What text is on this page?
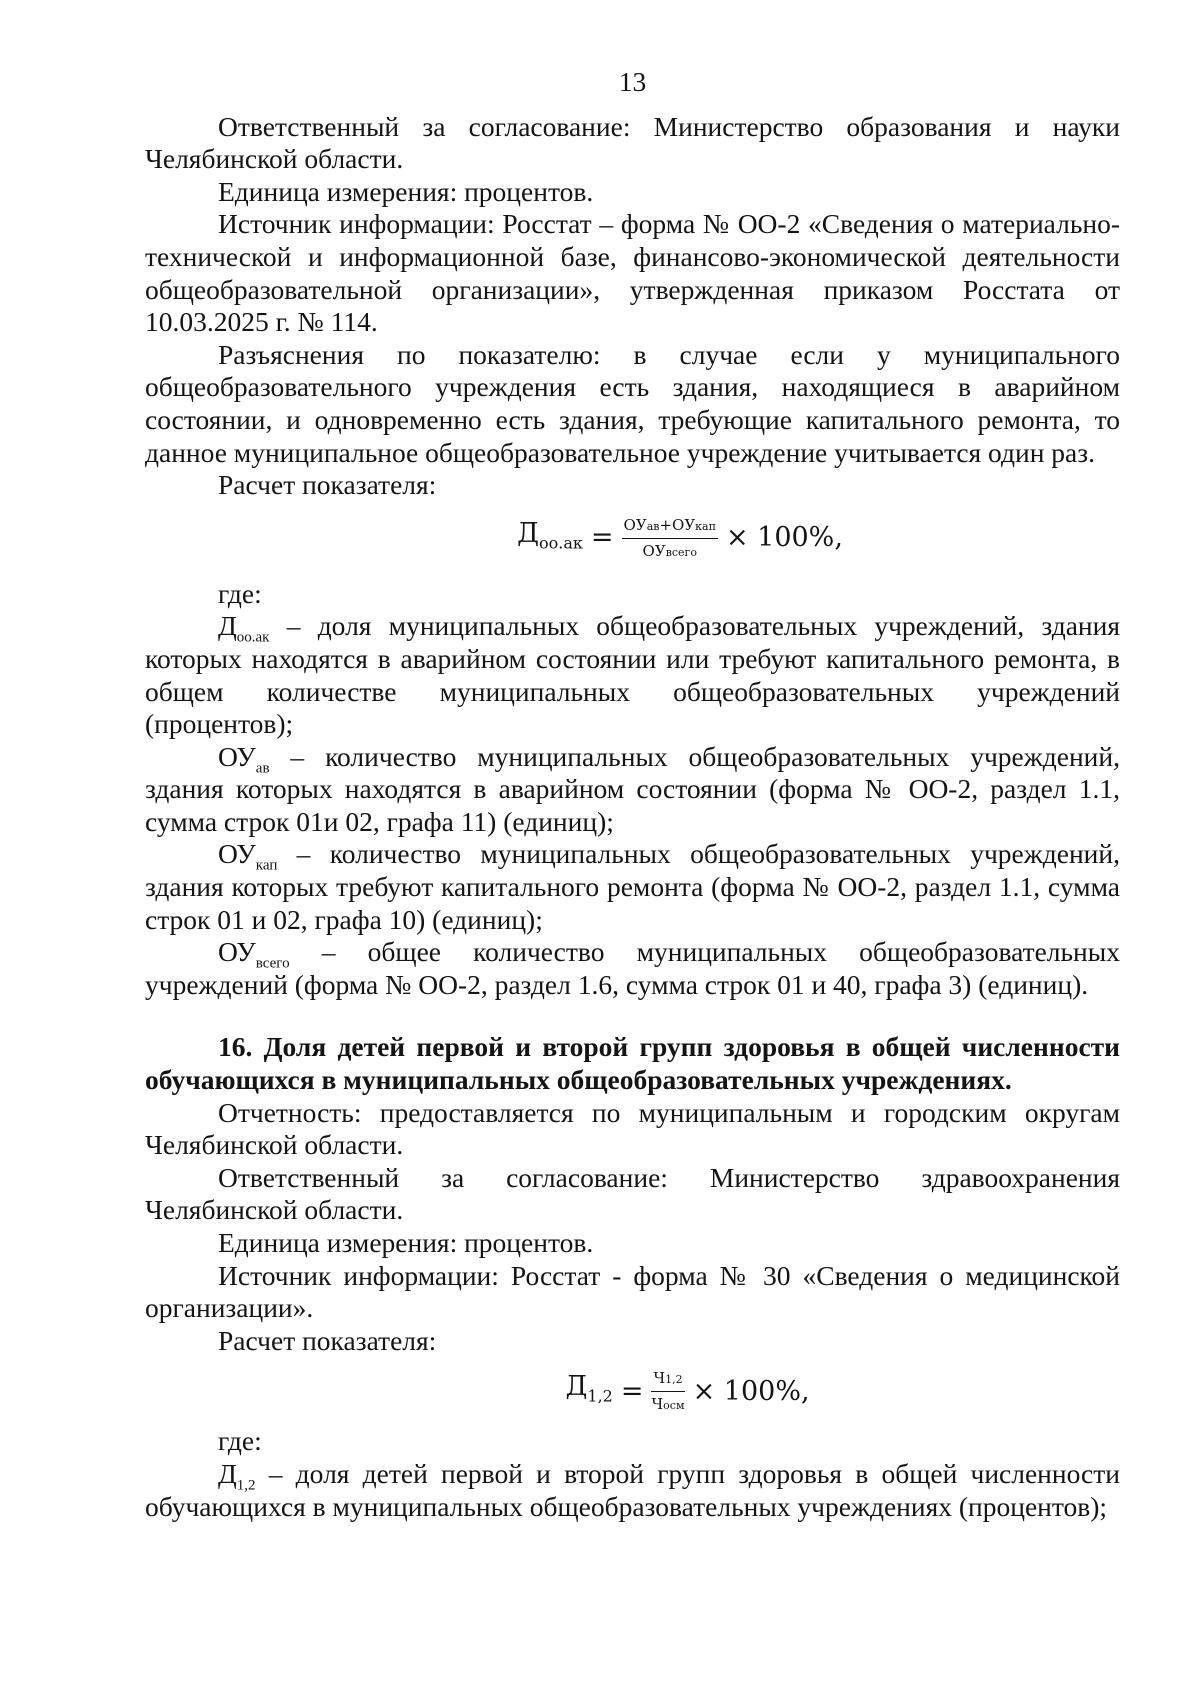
13

Ответственный за согласование: Министерство образования и науки Челябинской области.

Единица измерения: процентов.

Источник информации: Росстат – форма № ОО-2 «Сведения о материально-технической и информационной базе, финансово-экономической деятельности общеобразовательной организации», утвержденная приказом Росстата от 10.03.2025 г. № 114.

Разъяснения по показателю: в случае если у муниципального общеобразовательного учреждения есть здания, находящиеся в аварийном состоянии, и одновременно есть здания, требующие капитального ремонта, то данное муниципальное общеобразовательное учреждение учитывается один раз.

Расчет показателя:

$Д_{оо.ак} = \frac{\text{ОУав+ОУкап}}{\text{ОУвсего}} \times 100\%$,

где:

$Д_{оо.ак}$ – доля муниципальных общеобразовательных учреждений, здания которых находятся в аварийном состоянии или требуют капитального ремонта, в общем количестве муниципальных общеобразовательных учреждений (процентов);

$ОУ_{ав}$ – количество муниципальных общеобразовательных учреждений, здания которых находятся в аварийном состоянии (форма № ОО-2, раздел 1.1, сумма строк 01и 02, графа 11) (единиц);

$ОУ_{кап}$ – количество муниципальных общеобразовательных учреждений, здания которых требуют капитального ремонта (форма № ОО-2, раздел 1.1, сумма строк 01 и 02, графа 10) (единиц);

$ОУ_{всего}$ – общее количество муниципальных общеобразовательных учреждений (форма № ОО-2, раздел 1.6, сумма строк 01 и 40, графа 3) (единиц).

16. Доля детей первой и второй групп здоровья в общей численности обучающихся в муниципальных общеобразовательных учреждениях.

Отчетность: предоставляется по муниципальным и городским округам Челябинской области.

Ответственный за согласование: Министерство здравоохранения Челябинской области.

Единица измерения: процентов.

Источник информации: Росстат - форма № 30 «Сведения о медицинской организации».

Расчет показателя:

$Д_{1,2} = \frac{Ч1,2}{\text{Чосм}} \times 100\%$,

где:

$Д_{1,2}$ – доля детей первой и второй групп здоровья в общей численности обучающихся в муниципальных общеобразовательных учреждениях (процентов);
